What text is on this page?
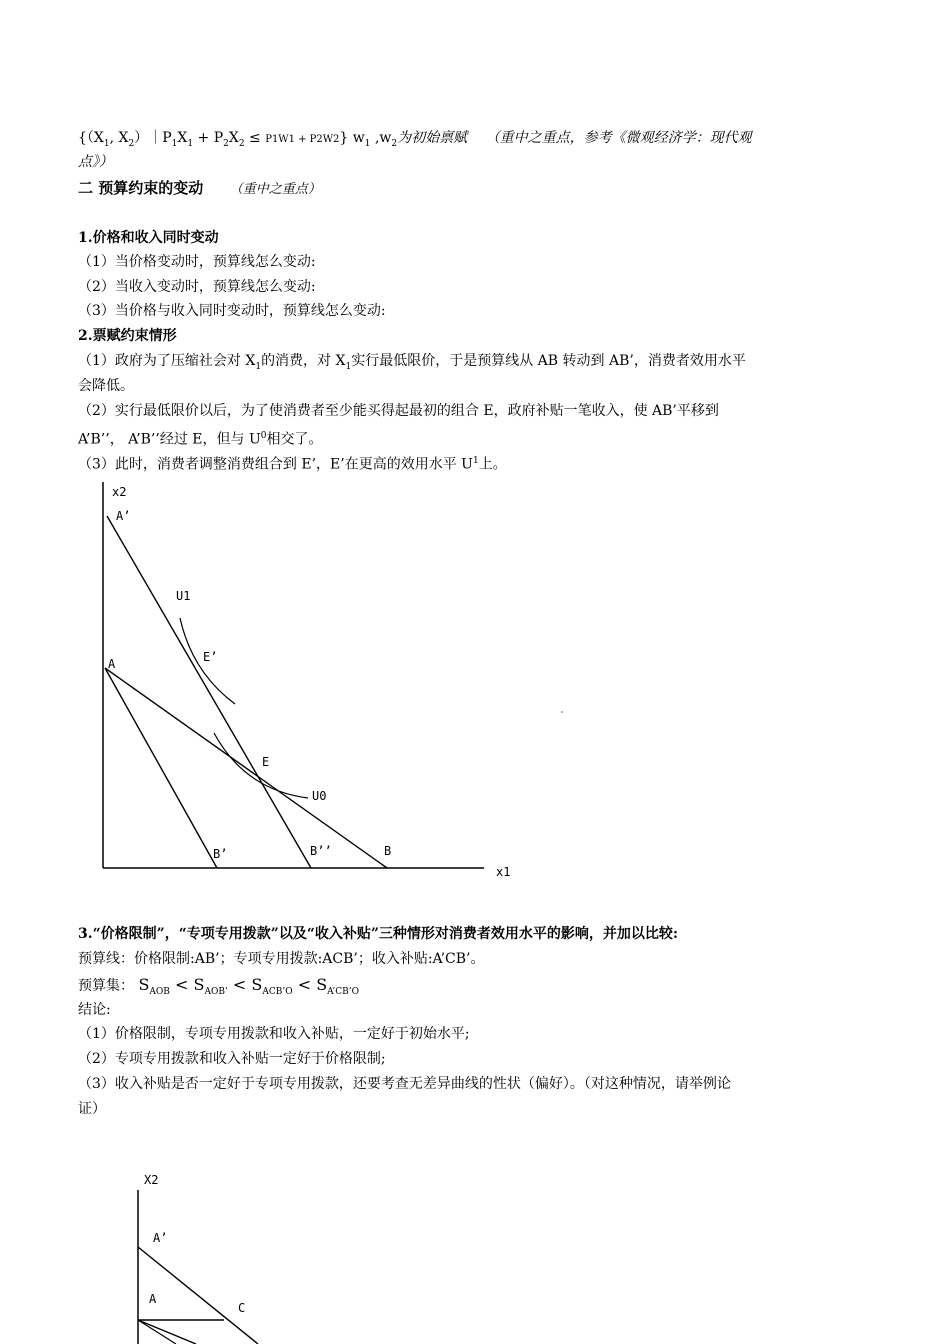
{（$X_1$, $X_2)|P_1X_1 + P_2X_2 \le P1W1 + P2W2$} $w_1$ $,w_2$为初始禀赋 （重中之重点，参考《微观经济学：现代观
点》）
二 预算约束的变动 （重中之重点）
1.价格和收入同时变动
（1）当价格变动时，预算线怎么变动:
（2）当收入变动时，预算线怎么变动:
（3）当价格与收入同时变动时，预算线怎么变动:
2.票赋约束情形
（1）政府为了压缩社会对 $X_1$的消费，对 $X_1$实行最低限价，于是预算线从 AB 转动到 AB’，消费者效用水平
会降低。
（2）实行最低限价以后，为了使消费者至少能买得起最初的组合 E，政府补贴一笔收入，使 AB’平移到
A’B’’， A’B’’经过 E，但与 $U^0$相交了。
（3）此时，消费者调整消费组合到 E’，E’在更高的效用水平 $U^1$上。
x2
x1
A’
U1
E’
A
E
U0
B’	B’’	B
X2
A’
A
C
3.“价格限制”，“专项专用拨款”以及“收入补贴”三种情形对消费者效用水平的影响，并加以比较:
预算线：价格限制:AB’；专项专用拨款:ACB’；收入补贴:A’CB’。
预算集： $S_{AOB} < S_{AOB’} < S_{ACB’O} < S_{A’CB’O}$
结论:
（1）价格限制，专项专用拨款和收入补贴，一定好于初始水平;
（2）专项专用拨款和收入补贴一定好于价格限制;
（3）收入补贴是否一定好于专项专用拨款，还要考查无差异曲线的性状（偏好）。（对这种情况，请举例论
证）
